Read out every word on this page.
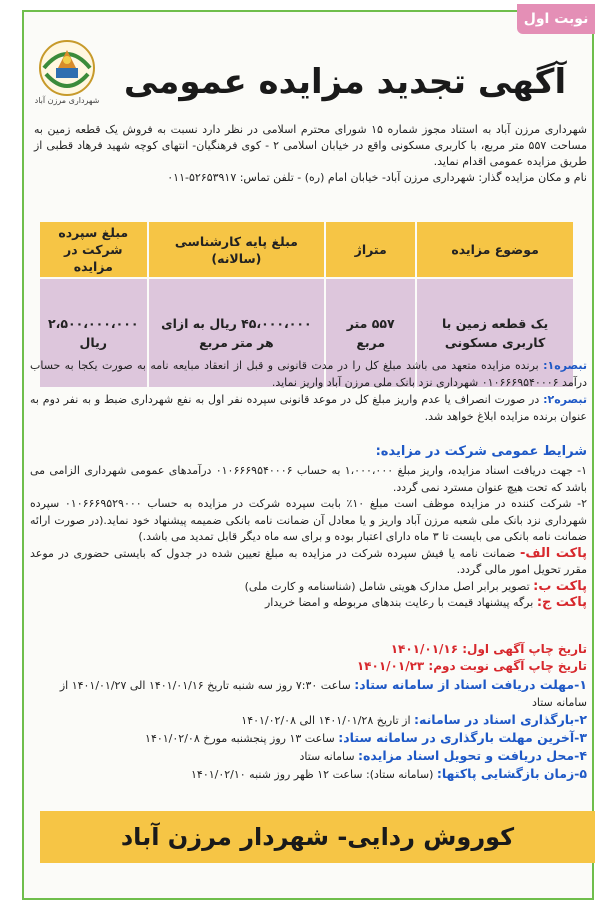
نوبت اول
شهرداری مرزن آباد آگهی تجدید مزایده عمومی

شهرداری مرزن آباد به استناد مجوز شماره ۱۵ شورای محترم اسلامی در نظر دارد نسبت به فروش یک قطعه زمین به مساحت ۵۵۷ متر مربع، با کاربری مسکونی واقع در خیابان اسلامی ۲ - کوی فرهنگیان- انتهای کوچه شهید فرهاد قطبی از طریق مزایده عمومی اقدام نماید.

نام و مکان مزایده گذار: شهرداری مرزن آباد- خیابان امام (ره) - تلفن تماس: ۵۲۶۵۳۹۱۷-۰۱۱

موضوع مزایده	متراژ	مبلغ پایه کارشناسی (سالانه)	مبلغ سپرده شرکت در مزایده
یک قطعه زمین با کاربری مسکونی	۵۵۷ متر مربع	۴۵،۰۰۰،۰۰۰ ریال به ازای هر متر مربع	۲،۵۰۰،۰۰۰،۰۰۰ ریال

تبصره۱: برنده مزایده متعهد می باشد مبلغ کل را در مدت قانونی و قبل از انعقاد مبایعه نامه به صورت یکجا به حساب درآمد ۰۱۰۶۶۶۹۵۴۰۰۰۶ شهرداری نزد بانک ملی مرزن آباد واریز نماید.

تبصره۲: در صورت انصراف یا عدم واریز مبلغ کل در موعد قانونی سپرده نفر اول به نفع شهرداری ضبط و به نفر دوم به عنوان برنده مزایده ابلاغ خواهد شد.

شرایط عمومی شرکت در مزایده:

۱- جهت دریافت اسناد مزایده، واریز مبلغ ۱،۰۰۰،۰۰۰ به حساب ۰۱۰۶۶۶۹۵۴۰۰۰۶ درآمدهای عمومی شهرداری الزامی می باشد که تحت هیچ عنوان مسترد نمی گردد.

۲- شرکت کننده در مزایده موظف است مبلغ ۱۰٪ بابت سپرده شرکت در مزایده به حساب ۰۱۰۶۶۶۹۵۲۹۰۰۰ سپرده شهرداری نزد بانک ملی شعبه مرزن آباد واریز و یا معادل آن ضمانت نامه بانکی ضمیمه پیشنهاد خود نماید.(در صورت ارائه ضمانت نامه بانکی می بایست تا ۳ ماه دارای اعتبار بوده و برای سه ماه دیگر قابل تمدید می باشد.)

پاکت الف- ضمانت نامه یا فیش سپرده شرکت در مزایده به مبلغ تعیین شده در جدول که بایستی حضوری در موعد مقرر تحویل امور مالی گردد.

پاکت ب: تصویر برابر اصل مدارک هویتی شامل (شناسنامه و کارت ملی)

پاکت ج: برگه پیشنهاد قیمت با رعایت بندهای مربوطه و امضا خریدار

تاریخ چاپ آگهی اول: ۱۴۰۱/۰۱/۱۶

تاریخ چاپ آگهی نوبت دوم: ۱۴۰۱/۰۱/۲۳

۱-مهلت دریافت اسناد از سامانه ستاد: ساعت ۷:۳۰ روز سه شنبه تاریخ ۱۴۰۱/۰۱/۱۶ الی ۱۴۰۱/۰۱/۲۷ از سامانه ستاد

۲-بارگذاری اسناد در سامانه: از تاریخ ۱۴۰۱/۰۱/۲۸ الی ۱۴۰۱/۰۲/۰۸

۳-آخرین مهلت بارگذاری در سامانه ستاد: ساعت ۱۳ روز پنجشنبه مورخ ۱۴۰۱/۰۲/۰۸

۴-محل دریافت و تحویل اسناد مزایده: سامانه ستاد

۵-زمان بازگشایی پاکتها: (سامانه ستاد): ساعت ۱۲ ظهر روز شنبه ۱۴۰۱/۰۲/۱۰

کوروش ردایی- شهردار مرزن آباد
